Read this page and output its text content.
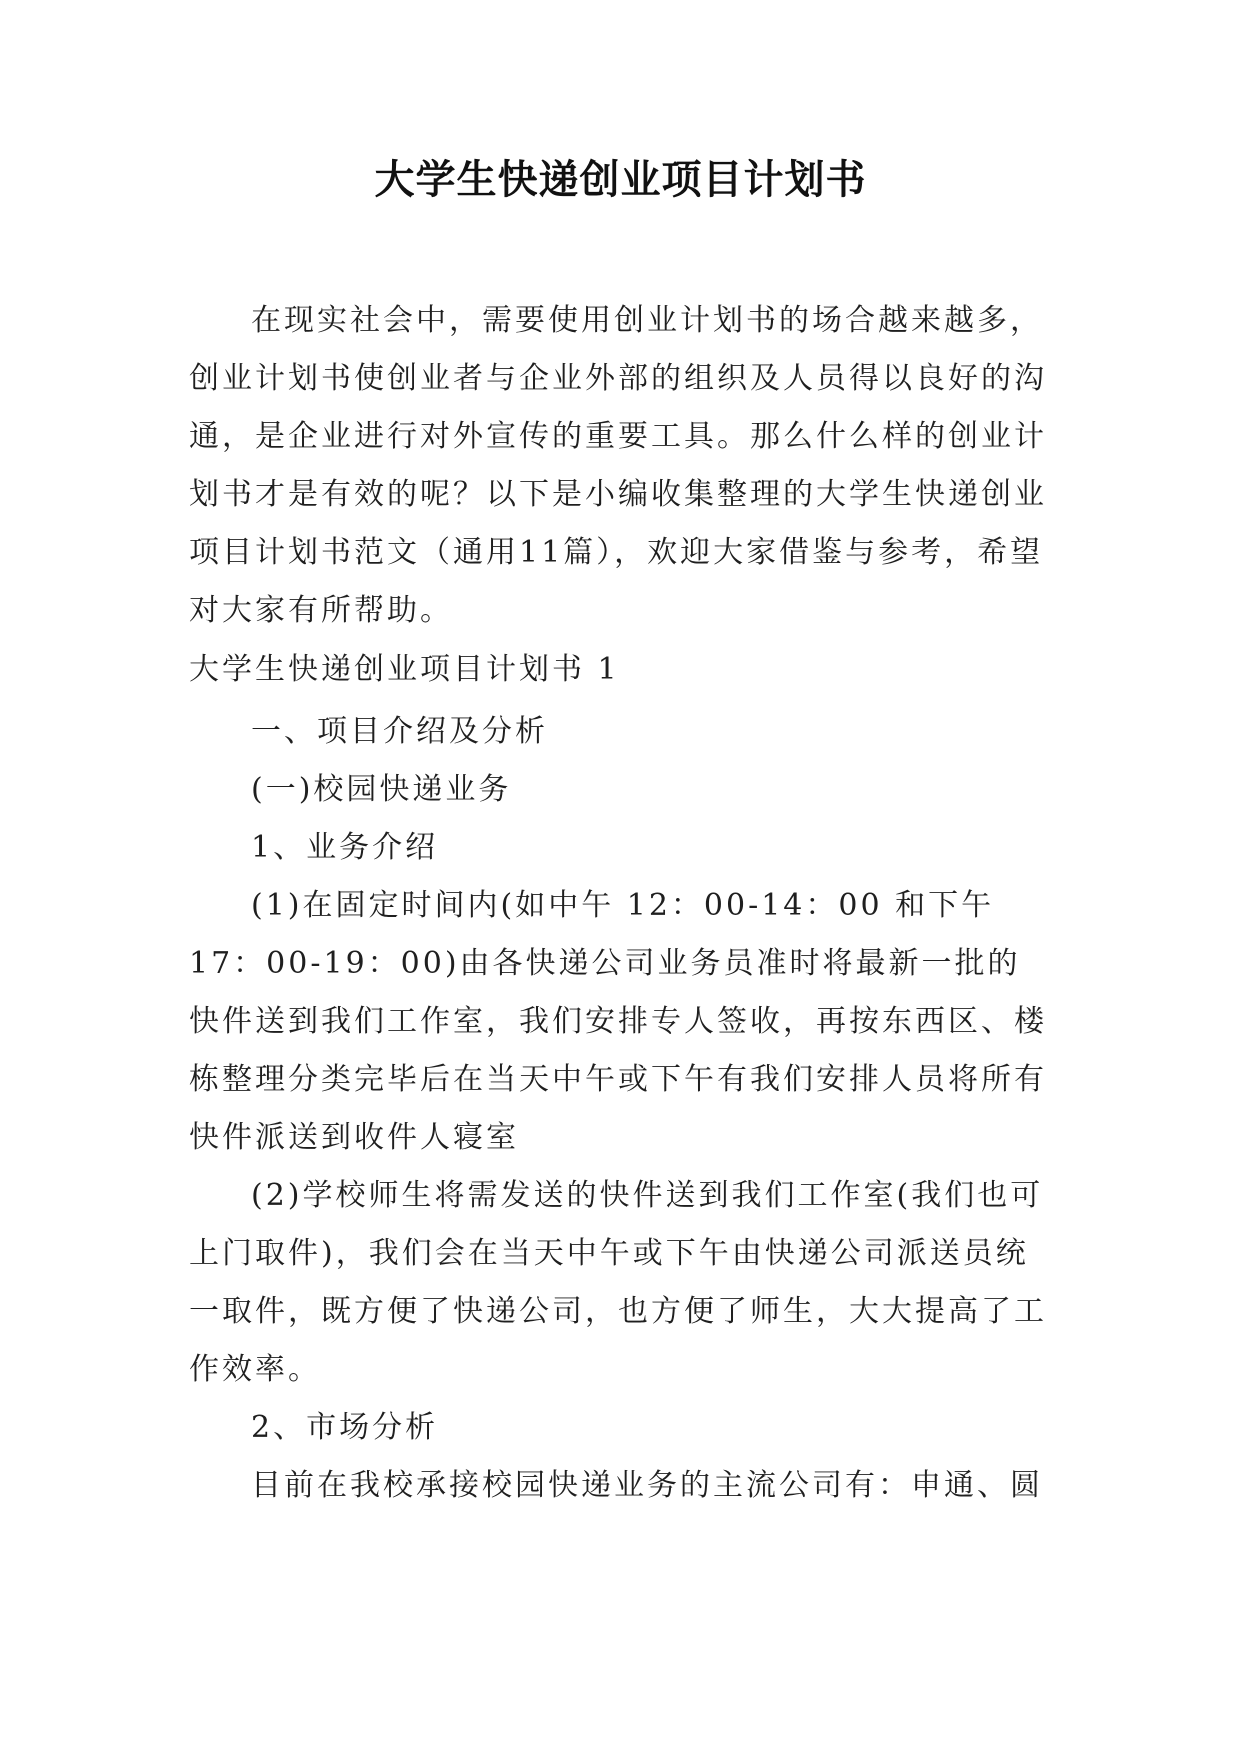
大学生快递创业项目计划书

在现实社会中，需要使用创业计划书的场合越来越多，创业计划书使创业者与企业外部的组织及人员得以良好的沟通，是企业进行对外宣传的重要工具。那么什么样的创业计划书才是有效的呢？以下是小编收集整理的大学生快递创业项目计划书范文（通用11篇），欢迎大家借鉴与参考，希望对大家有所帮助。

大学生快递创业项目计划书 1

一、项目介绍及分析

(一)校园快递业务

1、业务介绍

(1)在固定时间内(如中午 12：00-14：00 和下午 17：00-19：00)由各快递公司业务员准时将最新一批的快件送到我们工作室，我们安排专人签收，再按东西区、楼栋整理分类完毕后在当天中午或下午有我们安排人员将所有快件派送到收件人寝室

(2)学校师生将需发送的快件送到我们工作室(我们也可上门取件)，我们会在当天中午或下午由快递公司派送员统一取件，既方便了快递公司，也方便了师生，大大提高了工作效率。

2、市场分析

目前在我校承接校园快递业务的主流公司有：申通、圆
